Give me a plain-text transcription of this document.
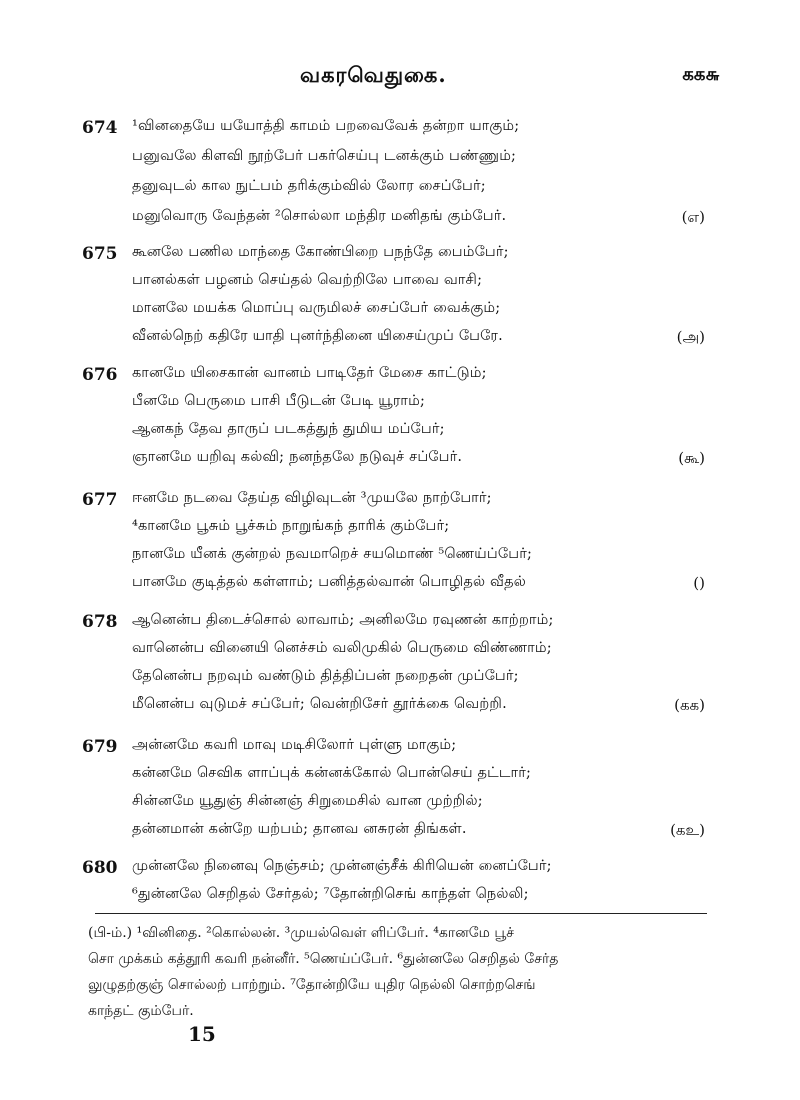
வகரவெதுகை.	கக௬
674 ¹வினதையே யயோத்தி காமம் பறவைவேக் தன்றா யாகும்;
பனுவலே கிளவி நூற்பேர் பகர்செய்பு டனக்கும் பண்ணும்;
தனுவுடல் கால நுட்பம் தரிக்கும்வில் லோர சைப்பேர்;
மனுவொரு வேந்தன் ²சொல்லா மந்திர மனிதங் கும்பேர்.	(எ)
675 கூனலே பணில மாந்தை கோண்பிறை பநந்தே பைம்பேர்;
பானல்கள் பழனம் செய்தல் வெற்றிலே பாவை வாசி;
மானலே மயக்க மொப்பு வருமிலச் சைப்பேர் வைக்கும்;
வீனல்நெற் கதிரே யாதி புனர்ந்தினை யிசைய்முப் பேரே.	(அ)
676 கானமே யிசைகான் வானம் பாடிதேர் மேசை காட்டும்;
பீனமே பெருமை பாசி பீடுடன் பேடி யூராம்;
ஆனகந் தேவ தாருப் படகத்துந் துமிய மப்பேர்;
ஞானமே யறிவு கல்வி; நனந்தலே நடுவுச் சப்பேர்.	(கூ)
677 ஈனமே நடவை தேய்த விழிவுடன் ³முயலே நாற்போர்;
⁴கானமே பூசும் பூச்சும் நாறுங்கந் தாரிக் கும்பேர்;
நானமே யீனக் குன்றல் நவமாறெச் சயமொண் ⁵ணெய்ப்பேர்;
பானமே குடித்தல் கள்ளாம்; பனித்தல்வான் பொழிதல் வீதல்	()
678 ஆனென்ப திடைச்சொல் லாவாம்; அனிலமே ரவுணன் காற்றாம்;
வானென்ப வினையி னெச்சம் வலிமுகில் பெருமை விண்ணாம்;
தேனென்ப நறவும் வண்டும் தித்திப்பன் நறைதன் முப்பேர்;
மீனென்ப வுடுமச் சப்பேர்; வென்றிசேர் தூர்க்கை வெற்றி.	(கக)
679 அன்னமே கவரி மாவு மடிசிலோர் புள்ளு மாகும்;
கன்னமே செவிக ளாப்புக் கன்னக்கோல் பொன்செய் தட்டார்;
சின்னமே யூதுஞ் சின்னஞ் சிறுமைசில் வான முற்றில்;
தன்னமான் கன்றே யற்பம்; தானவ னசுரன் திங்கள்.	(கஉ)
680 முன்னலே நினைவு நெஞ்சம்; முன்னஞ்சீக் கிரியென் னைப்பேர்;
⁶துன்னலே செறிதல் சேர்தல்; ⁷தோன்றிசெங் காந்தள் நெல்லி;
(பி-ம்.) ¹வினிதை. ²கொல்லன். ³முயல்வெள் ளிப்பேர். ⁴கானமே பூச்
சொ முக்கம் கத்தூரி கவரி நன்னீர். ⁵ணெய்ப்பேர். ⁶துன்னலே செறிதல் சேர்த
லுழுதற்குஞ் சொல்லற் பாற்றும். ⁷தோன்றியே யுதிர நெல்லி சொற்றசெங்
காந்தட் கும்பேர்.
15
